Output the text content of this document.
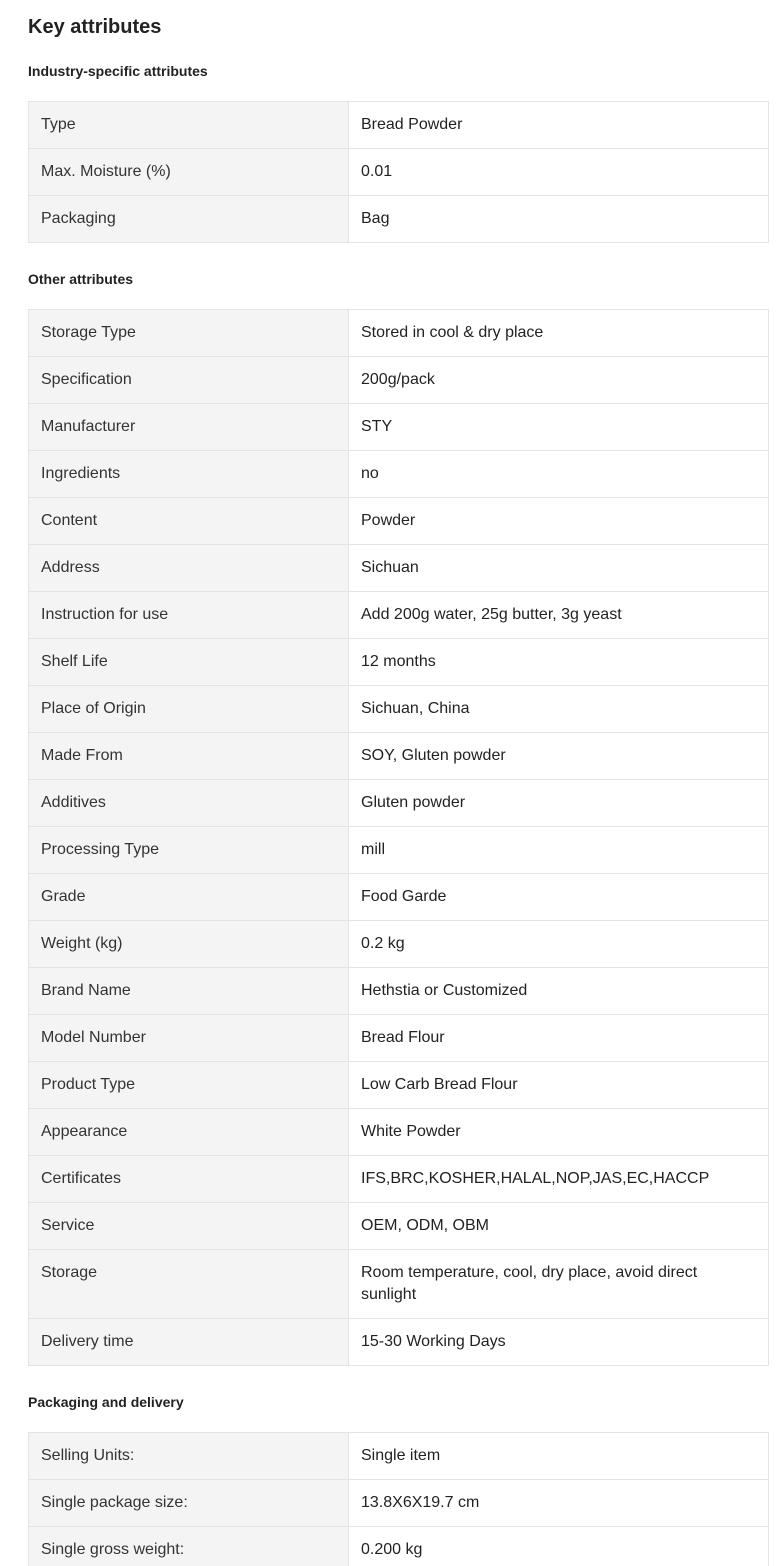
Key attributes
Industry-specific attributes
Type	Bread Powder
Max. Moisture (%)	0.01
Packaging	Bag
Other attributes
Storage Type	Stored in cool & dry place
Specification	200g/pack
Manufacturer	STY
Ingredients	no
Content	Powder
Address	Sichuan
Instruction for use	Add 200g water, 25g butter, 3g yeast
Shelf Life	12 months
Place of Origin	Sichuan, China
Made From	SOY, Gluten powder
Additives	Gluten powder
Processing Type	mill
Grade	Food Garde
Weight (kg)	0.2 kg
Brand Name	Hethstia or Customized
Model Number	Bread Flour
Product Type	Low Carb Bread Flour
Appearance	White Powder
Certificates	IFS,BRC,KOSHER,HALAL,NOP,JAS,EC,HACCP
Service	OEM, ODM, OBM
Storage	Room temperature, cool, dry place, avoid direct sunlight
Delivery time	15-30 Working Days
Packaging and delivery
Selling Units:	Single item
Single package size:	13.8X6X19.7 cm
Single gross weight:	0.200 kg
